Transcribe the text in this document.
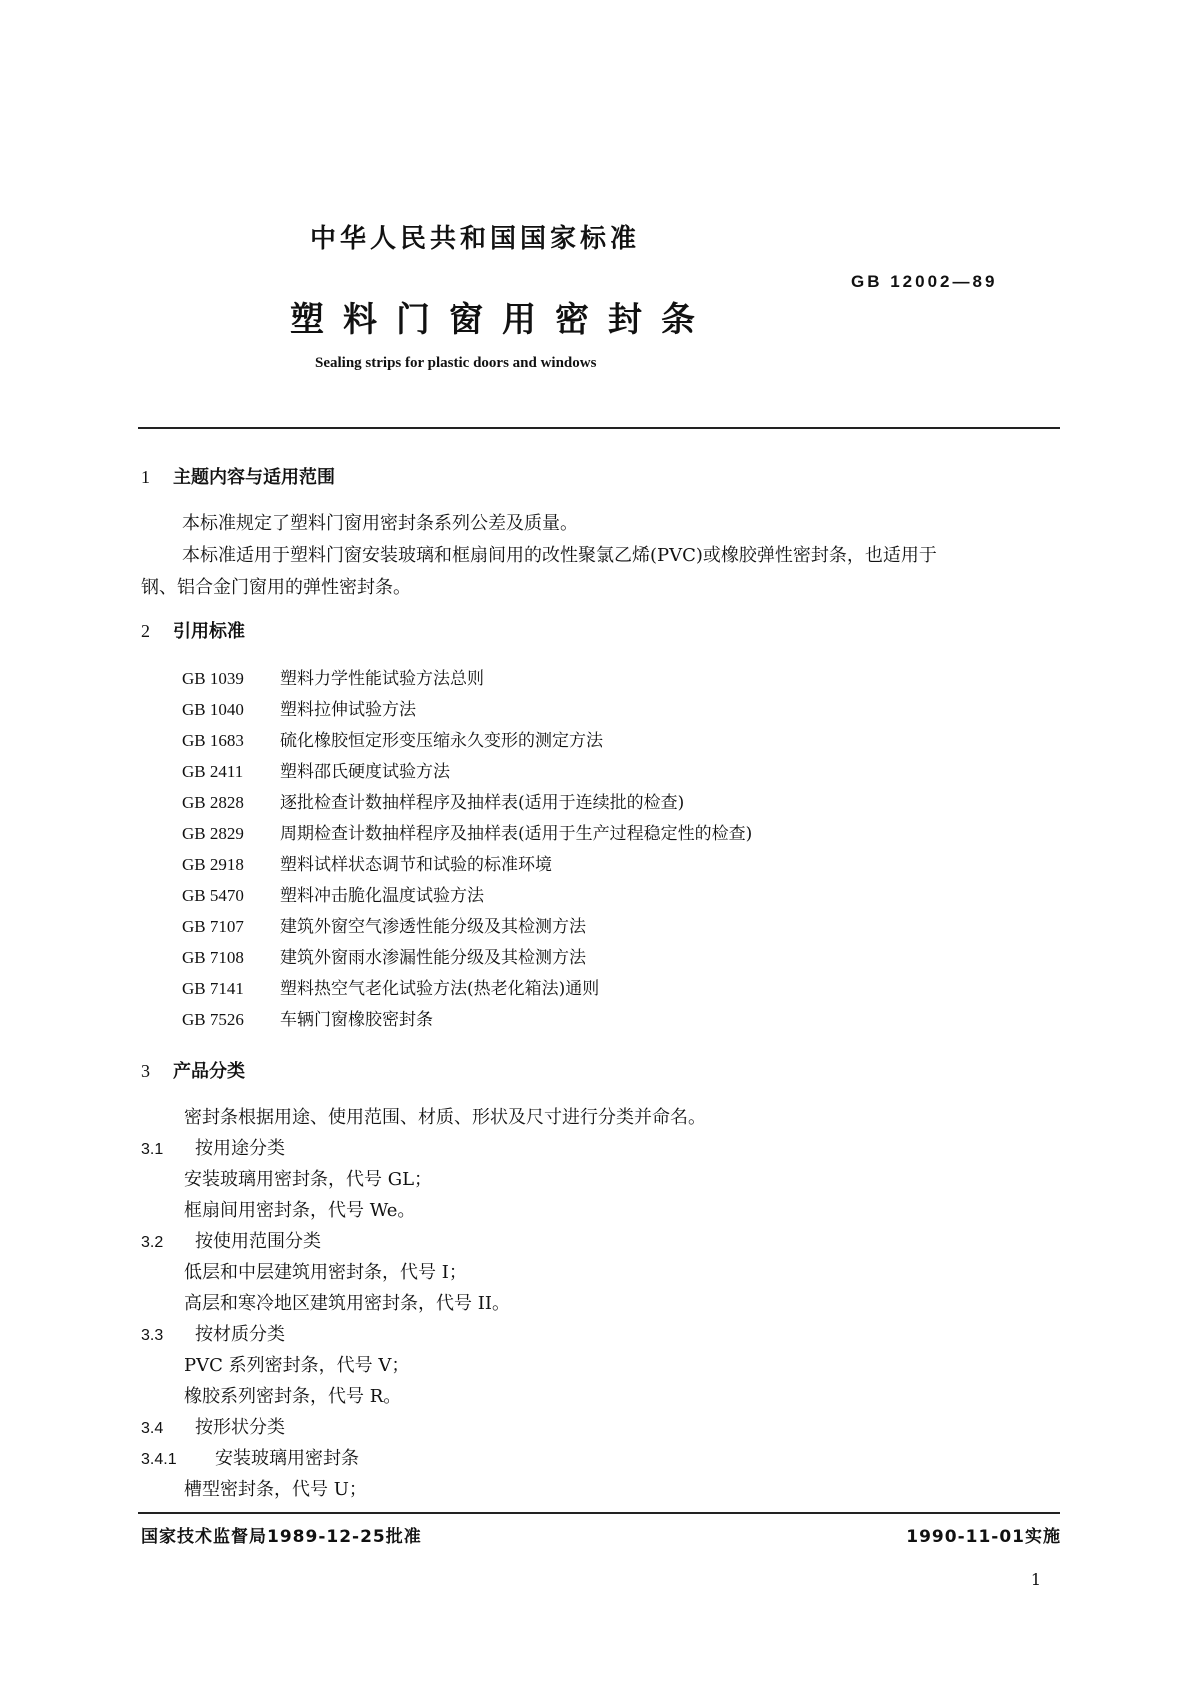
中华人民共和国国家标准
GB 12002—89
塑料门窗用密封条
Sealing strips for plastic doors and windows
1 主题内容与适用范围
本标准规定了塑料门窗用密封条系列公差及质量。
本标准适用于塑料门窗安装玻璃和框扇间用的改性聚氯乙烯(PVC)或橡胶弹性密封条，也适用于
钢、铝合金门窗用的弹性密封条。
2 引用标准
GB 1039 塑料力学性能试验方法总则
GB 1040 塑料拉伸试验方法
GB 1683 硫化橡胶恒定形变压缩永久变形的测定方法
GB 2411 塑料邵氏硬度试验方法
GB 2828 逐批检查计数抽样程序及抽样表(适用于连续批的检查)
GB 2829 周期检查计数抽样程序及抽样表(适用于生产过程稳定性的检查)
GB 2918 塑料试样状态调节和试验的标准环境
GB 5470 塑料冲击脆化温度试验方法
GB 7107 建筑外窗空气渗透性能分级及其检测方法
GB 7108 建筑外窗雨水渗漏性能分级及其检测方法
GB 7141 塑料热空气老化试验方法(热老化箱法)通则
GB 7526 车辆门窗橡胶密封条
3 产品分类
密封条根据用途、使用范围、材质、形状及尺寸进行分类并命名。
3.1 按用途分类
安装玻璃用密封条，代号 GL；
框扇间用密封条，代号 We。
3.2 按使用范围分类
低层和中层建筑用密封条，代号 I；
高层和寒冷地区建筑用密封条，代号 II。
3.3 按材质分类
PVC 系列密封条，代号 V；
橡胶系列密封条，代号 R。
3.4 按形状分类
3.4.1 安装玻璃用密封条
槽型密封条，代号 U；
国家技术监督局1989-12-25批准	1990-11-01实施
1
